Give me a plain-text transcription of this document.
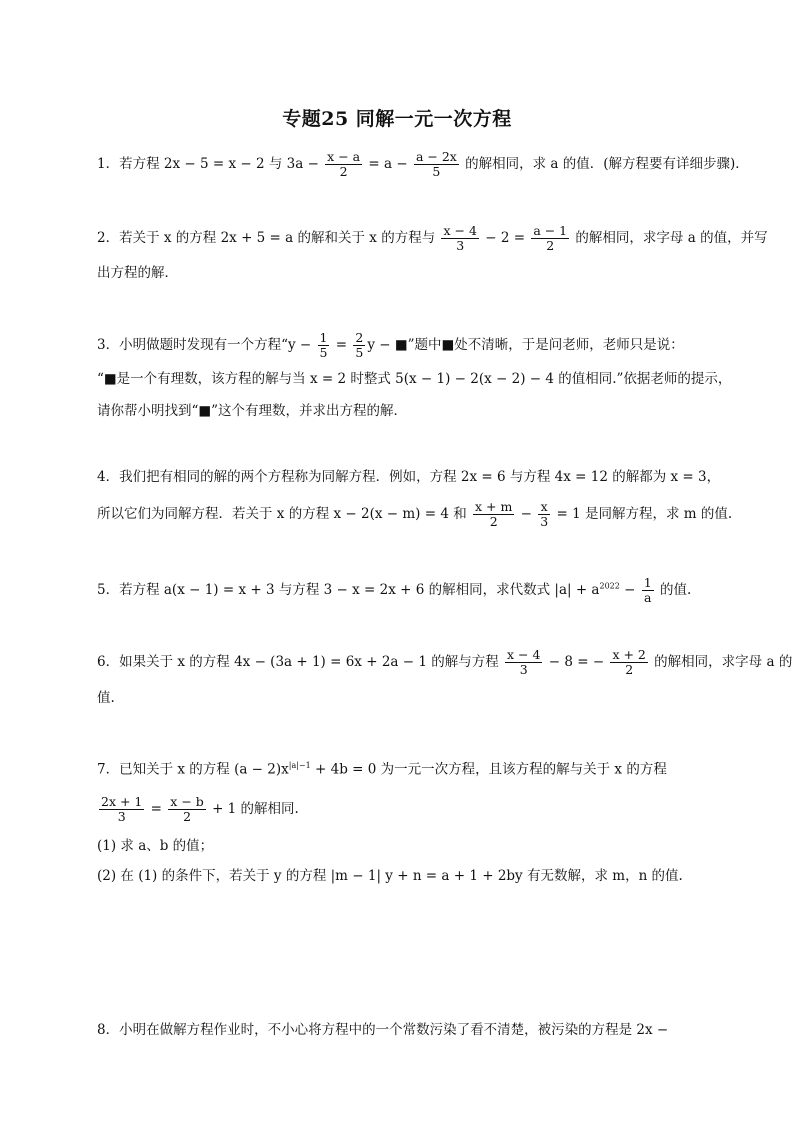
专题25 同解一元一次方程
1．若方程 2x − 5 = x − 2 与 $3a - \frac{x - a}{2} = a - \frac{a - 2x}{5}$ 的解相同，求 a 的值．(解方程要有详细步骤)．
2．若关于 x 的方程 2x + 5 = a 的解和关于 x 的方程与 $\frac{x - 4}{3} - 2 = \frac{a - 1}{2}$ 的解相同，求字母 a 的值，并写
出方程的解．
3．小明做题时发现有一个方程“$y - \frac{1}{5} = \frac{2}{5}$ y − ■”题中■处不清晰，于是问老师，老师只是说：
“■是一个有理数，该方程的解与当 x = 2 时整式 5(x − 1) − 2(x − 2) − 4 的值相同.”依据老师的提示，
请你帮小明找到“■”这个有理数，并求出方程的解．
4．我们把有相同的解的两个方程称为同解方程．例如，方程 2x = 6 与方程 4x = 12 的解都为 x = 3，
所以它们为同解方程．若关于 x 的方程 x − 2(x − m) = 4 和 $\frac{x + m}{2} - \frac{x}{3} = 1$ 是同解方程，求 m 的值.
5．若方程 a(x − 1) = x + 3 与方程 3 − x = 2x + 6 的解相同，求代数式 $|a| + a^{2022} - \frac{1}{a}$ 的值.
6．如果关于 x 的方程 4x − (3a + 1) = 6x + 2a − 1 的解与方程 $\frac{x - 4}{3} - 8$ = − $\frac{x + 2}{2}$ 的解相同，求字母 a 的
值.
7．已知关于 x 的方程 $(a - 2)x^{|a|-1} + 4b = 0$ 为一元一次方程，且该方程的解与关于 x 的方程
$\frac{2x + 1}{3} = \frac{x - b}{2} + 1$ 的解相同.
(1) 求 a、b 的值；
(2) 在 (1) 的条件下，若关于 y 的方程 |m − 1| y + n = a + 1 + 2by 有无数解，求 m，n 的值.
8．小明在做解方程作业时，不小心将方程中的一个常数污染了看不清楚，被污染的方程是 2x −
